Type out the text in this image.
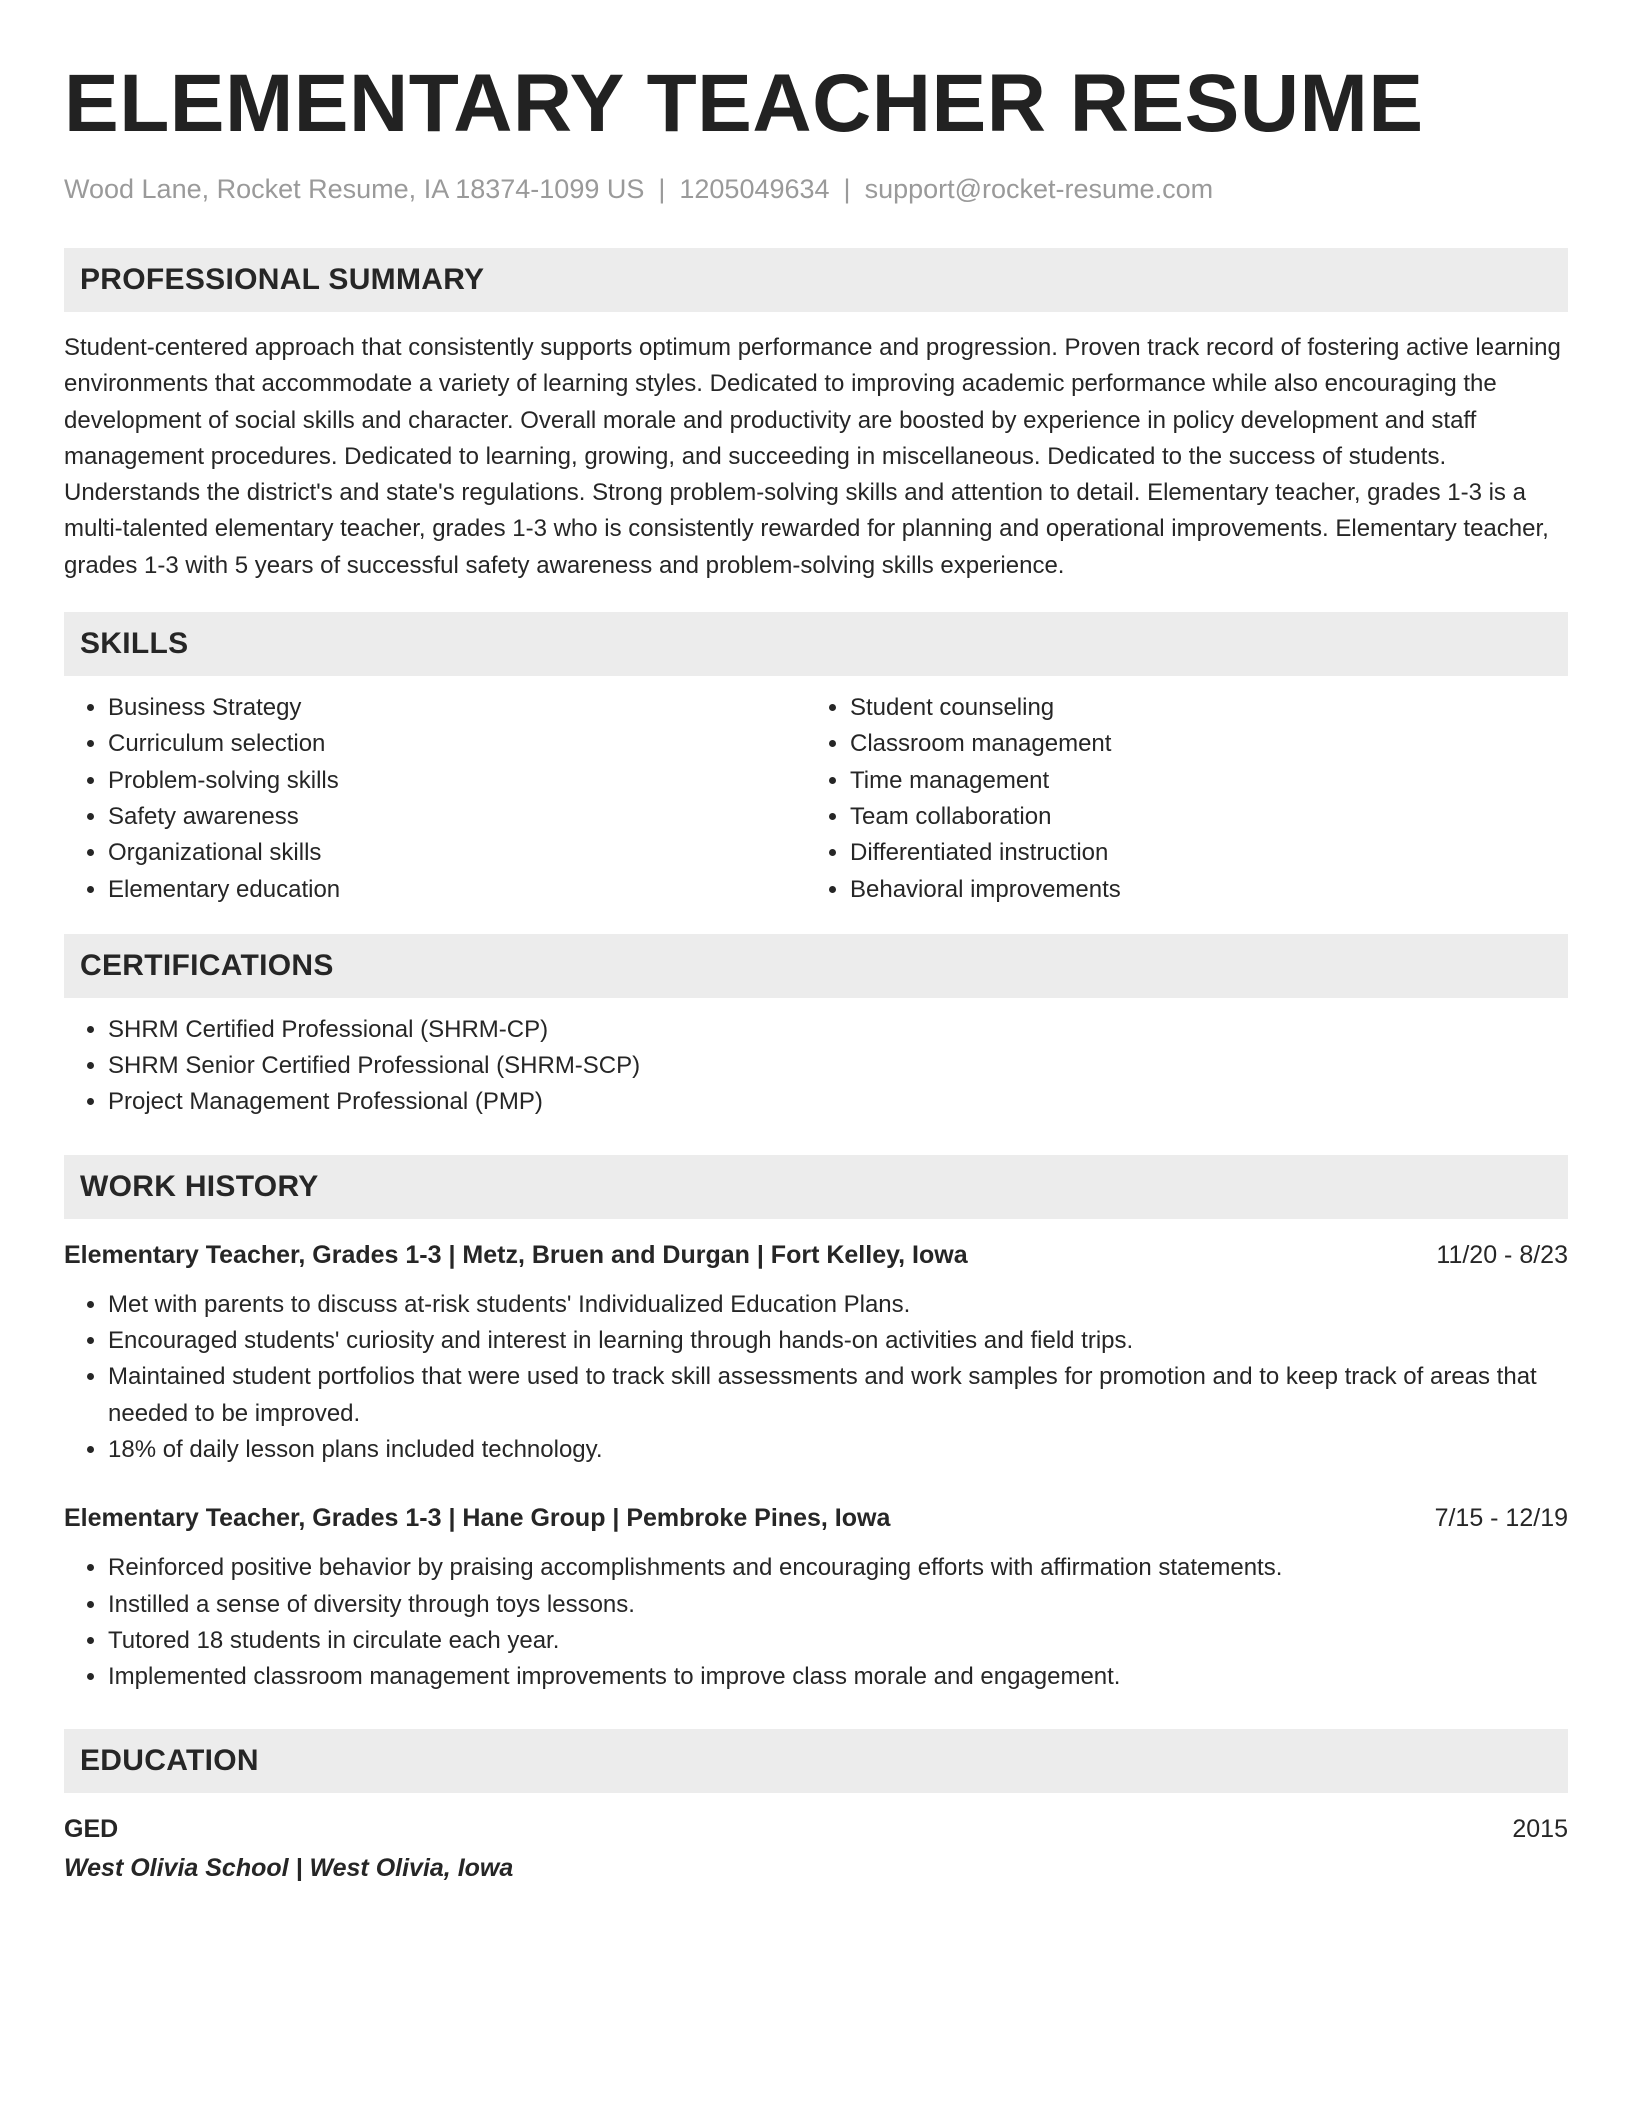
ELEMENTARY TEACHER RESUME
Wood Lane, Rocket Resume, IA 18374-1099 US | 1205049634 | support@rocket-resume.com
PROFESSIONAL SUMMARY

Student-centered approach that consistently supports optimum performance and progression. Proven track record of fostering active learning environments that accommodate a variety of learning styles. Dedicated to improving academic performance while also encouraging the development of social skills and character. Overall morale and productivity are boosted by experience in policy development and staff management procedures. Dedicated to learning, growing, and succeeding in miscellaneous. Dedicated to the success of students. Understands the district's and state's regulations. Strong problem-solving skills and attention to detail. Elementary teacher, grades 1-3 is a multi-talented elementary teacher, grades 1-3 who is consistently rewarded for planning and operational improvements. Elementary teacher, grades 1-3 with 5 years of successful safety awareness and problem-solving skills experience.

SKILLS
• Business Strategy
• Curriculum selection
• Problem-solving skills
• Safety awareness
• Organizational skills
• Elementary education
• Student counseling
• Classroom management
• Time management
• Team collaboration
• Differentiated instruction
• Behavioral improvements
CERTIFICATIONS
• SHRM Certified Professional (SHRM-CP)
• SHRM Senior Certified Professional (SHRM-SCP)
• Project Management Professional (PMP)
WORK HISTORY
Elementary Teacher, Grades 1-3 | Metz, Bruen and Durgan | Fort Kelley, Iowa	11/20 - 8/23
• Met with parents to discuss at-risk students' Individualized Education Plans.
• Encouraged students' curiosity and interest in learning through hands-on activities and field trips.
• Maintained student portfolios that were used to track skill assessments and work samples for promotion and to keep track of areas that needed to be improved.
• 18% of daily lesson plans included technology.
Elementary Teacher, Grades 1-3 | Hane Group | Pembroke Pines, Iowa	7/15 - 12/19
• Reinforced positive behavior by praising accomplishments and encouraging efforts with affirmation statements.
• Instilled a sense of diversity through toys lessons.
• Tutored 18 students in circulate each year.
• Implemented classroom management improvements to improve class morale and engagement.
EDUCATION
GED	2015
West Olivia School | West Olivia, Iowa
